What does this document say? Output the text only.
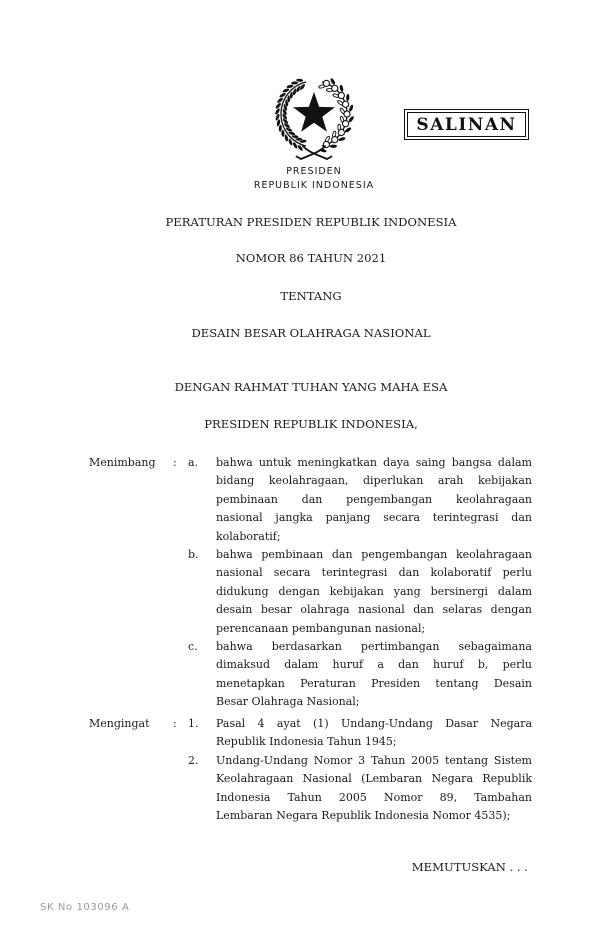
SALINAN
PRESIDEN
REPUBLIK INDONESIA
PERATURAN PRESIDEN REPUBLIK INDONESIA
NOMOR 86 TAHUN 2021
TENTANG
DESAIN BESAR OLAHRAGA NASIONAL
DENGAN RAHMAT TUHAN YANG MAHA ESA
PRESIDEN REPUBLIK INDONESIA,
Menimbang : a. bahwa untuk meningkatkan daya saing bangsa dalam
bidang keolahragaan, diperlukan arah kebijakan
pembinaan dan pengembangan keolahragaan
nasional jangka panjang secara terintegrasi dan
kolaboratif;
b. bahwa pembinaan dan pengembangan keolahragaan
nasional secara terintegrasi dan kolaboratif perlu
didukung dengan kebijakan yang bersinergi dalam
desain besar olahraga nasional dan selaras dengan
perencanaan pembangunan nasional;
c. bahwa berdasarkan pertimbangan sebagaimana
dimaksud dalam huruf a dan huruf b, perlu
menetapkan Peraturan Presiden tentang Desain
Besar Olahraga Nasional;
Mengingat : 1. Pasal 4 ayat (1) Undang-Undang Dasar Negara
Republik Indonesia Tahun 1945;
2. Undang-Undang Nomor 3 Tahun 2005 tentang Sistem
Keolahragaan Nasional (Lembaran Negara Republik
Indonesia Tahun 2005 Nomor 89, Tambahan
Lembaran Negara Republik Indonesia Nomor 4535);
MEMUTUSKAN . . .
SK No 103096 A
